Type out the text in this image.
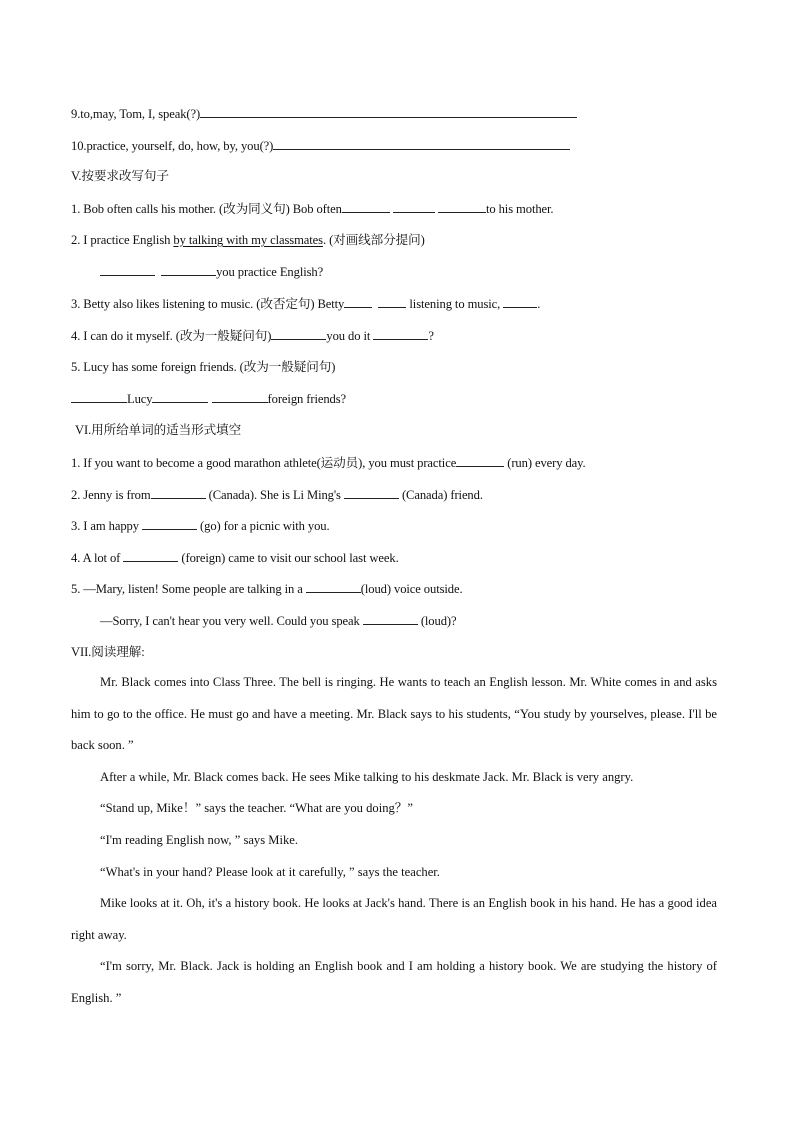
9.to,may, Tom, I, speak(?)
10.practice, yourself, do, how, by, you(?)
V.按要求改写句子
1. Bob often calls his mother. (改为同义句) Bob often	to his mother.
2. I practice English by talking with my classmates. (对画线部分提问)
you practice English?
3. Betty also likes listening to music. (改否定句) Betty	listening to music,	.
4. I can do it myself. (改为一般疑问句)	you do it	?
5. Lucy has some foreign friends. (改为一般疑问句)
Lucy	foreign friends?
VI.用所给单词的适当形式填空
1. If you want to become a good marathon athlete(运动员), you must practice	(run) every day.
2. Jenny is from	(Canada). She is Li Ming's	(Canada) friend.
3. I am happy	(go) for a picnic with you.
4. A lot of	(foreign) came to visit our school last week.
5. —Mary, listen! Some people are talking in a	(loud) voice outside.
—Sorry, I can't hear you very well. Could you speak	(loud)?
VII.阅读理解:

Mr. Black comes into Class Three. The bell is ringing. He wants to teach an English lesson. Mr. White comes in and asks him to go to the office. He must go and have a meeting. Mr. Black says to his students, “You study by yourselves, please. I'll be back soon. ”

After a while, Mr. Black comes back. He sees Mike talking to his deskmate Jack. Mr. Black is very angry.

“Stand up, Mike！” says the teacher. “What are you doing？”

“I'm reading English now, ” says Mike.

“What's in your hand? Please look at it carefully, ” says the teacher.

Mike looks at it. Oh, it's a history book. He looks at Jack's hand. There is an English book in his hand. He has a good idea right away.

“I'm sorry, Mr. Black. Jack is holding an English book and I am holding a history book. We are studying the history of English. ”
